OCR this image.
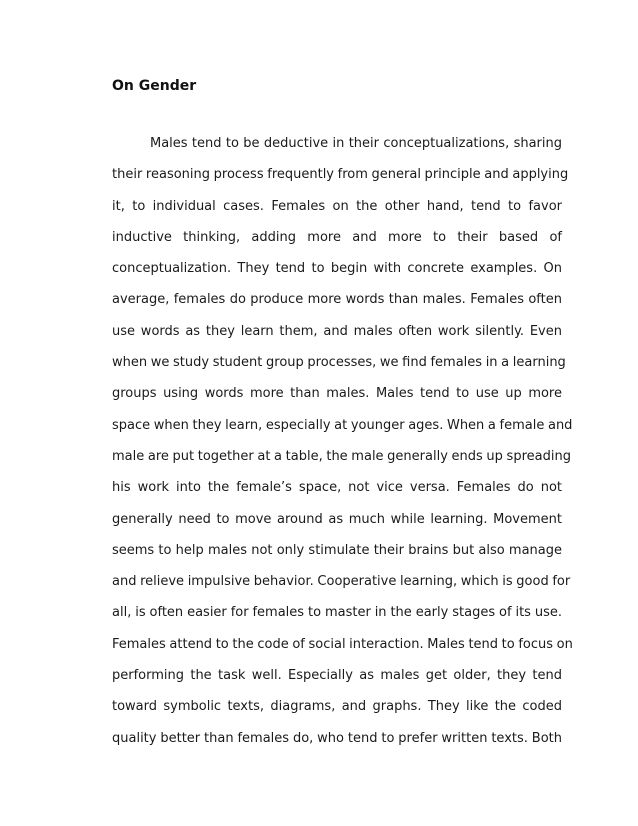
On Gender
Males tend to be deductive in their conceptualizations, sharing
their reasoning process frequently from general principle and applying
it, to individual cases. Females on the other hand, tend to favor
inductive thinking, adding more and more to their based of
conceptualization. They tend to begin with concrete examples. On
average, females do produce more words than males. Females often
use words as they learn them, and males often work silently. Even
when we study student group processes, we find females in a learning
groups using words more than males. Males tend to use up more
space when they learn, especially at younger ages. When a female and
male are put together at a table, the male generally ends up spreading
his work into the female’s space, not vice versa. Females do not
generally need to move around as much while learning. Movement
seems to help males not only stimulate their brains but also manage
and relieve impulsive behavior. Cooperative learning, which is good for
all, is often easier for females to master in the early stages of its use.
Females attend to the code of social interaction. Males tend to focus on
performing the task well. Especially as males get older, they tend
toward symbolic texts, diagrams, and graphs. They like the coded
quality better than females do, who tend to prefer written texts. Both
